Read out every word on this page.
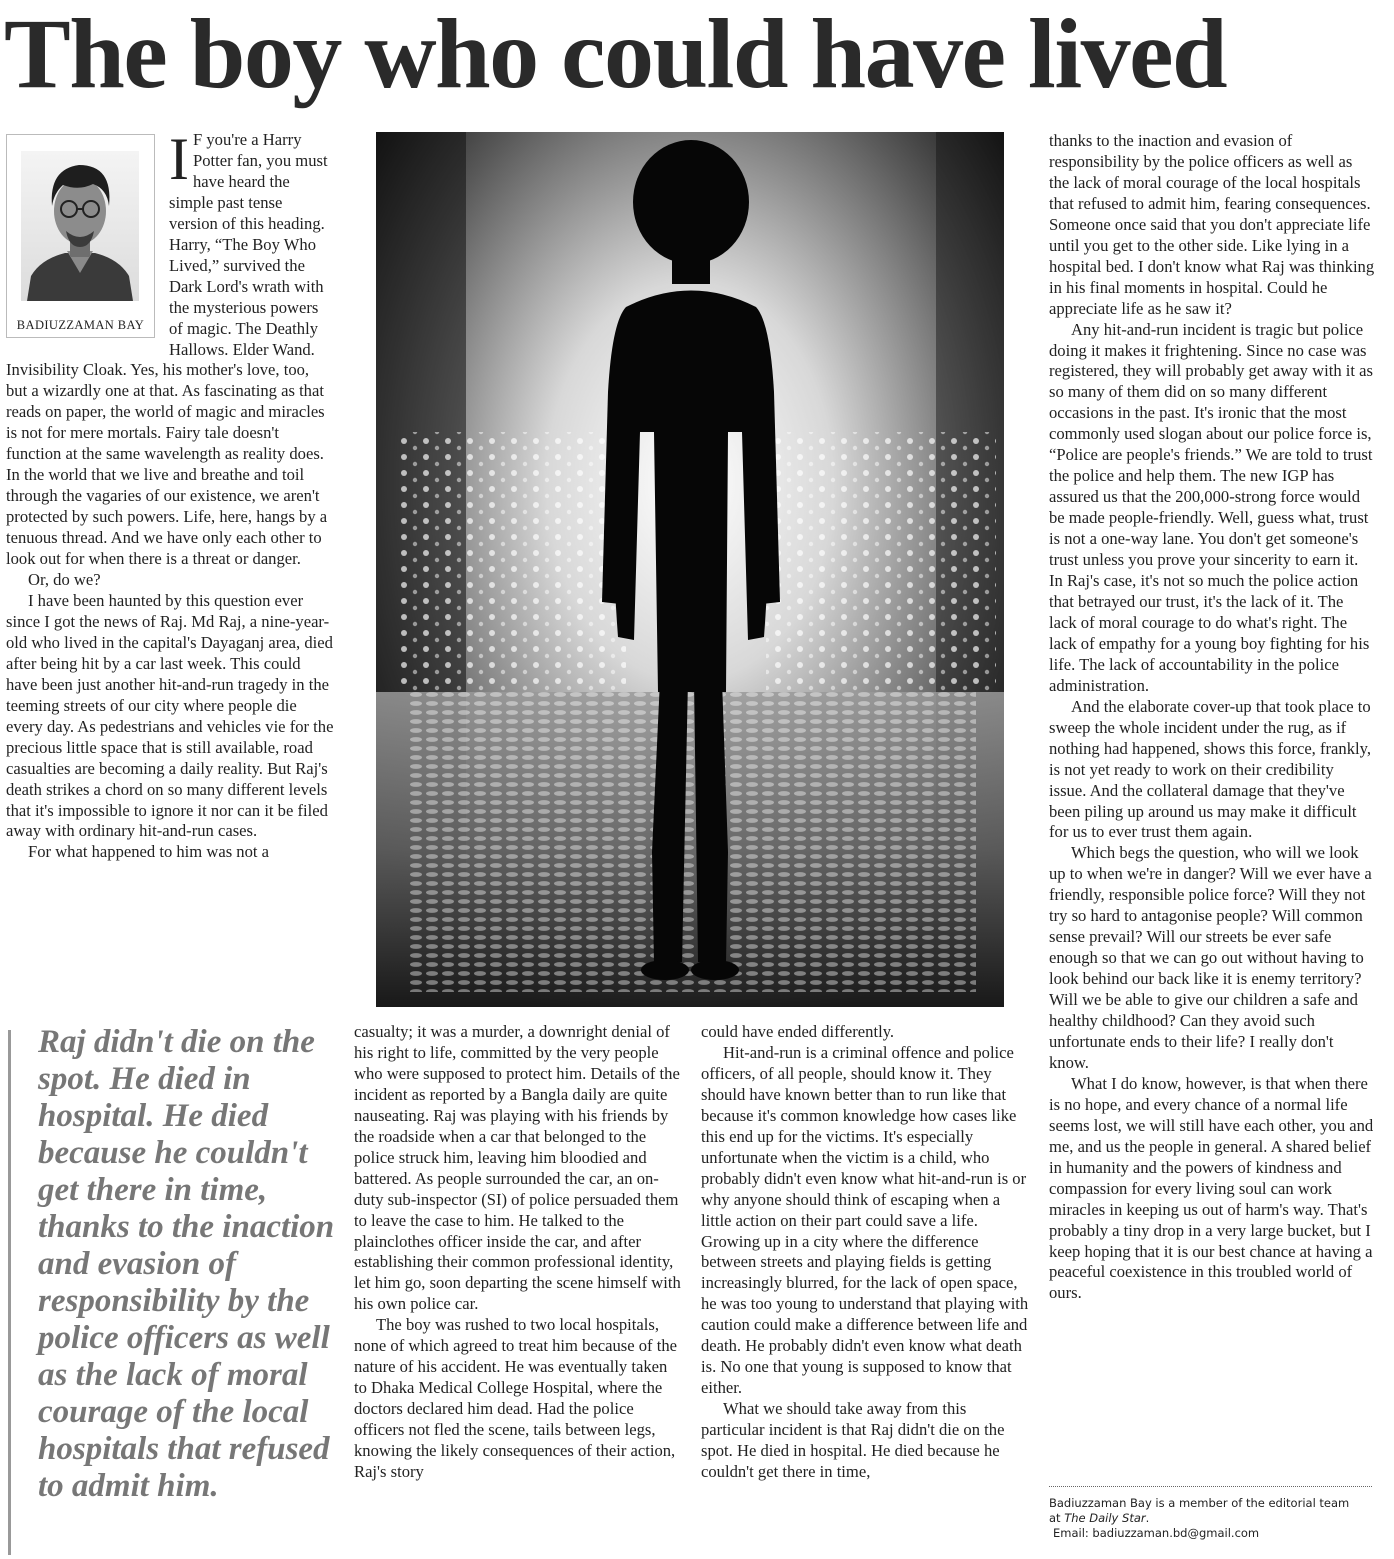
The boy who could have lived
BADIUZZAMAN BAY

I F you're a Harry Potter fan, you must have heard the simple past tense version of this heading. Harry, “The Boy Who Lived,” survived the Dark Lord's wrath with the mysterious powers of magic. The Deathly Hallows. Elder Wand. Invisibility Cloak. Yes, his mother's love, too, but a wizardly one at that. As fascinating as that reads on paper, the world of magic and miracles is not for mere mortals. Fairy tale doesn't function at the same wavelength as reality does. In the world that we live and breathe and toil through the vagaries of our existence, we aren't protected by such powers. Life, here, hangs by a tenuous thread. And we have only each other to look out for when there is a threat or danger.

Or, do we?

I have been haunted by this question ever since I got the news of Raj. Md Raj, a nine-year-old who lived in the capital's Dayaganj area, died after being hit by a car last week. This could have been just another hit-and-run tragedy in the teeming streets of our city where people die every day. As pedestrians and vehicles vie for the precious little space that is still available, road casualties are becoming a daily reality. But Raj's death strikes a chord on so many different levels that it's impossible to ignore it nor can it be filed away with ordinary hit-and-run cases.

For what happened to him was not a

Raj didn't die on the spot. He died in hospital. He died because he couldn't get there in time, thanks to the inaction and evasion of responsibility by the police officers as well as the lack of moral courage of the local hospitals that refused to admit him.

casualty; it was a murder, a downright denial of his right to life, committed by the very people who were supposed to protect him. Details of the incident as reported by a Bangla daily are quite nauseating. Raj was playing with his friends by the roadside when a car that belonged to the police struck him, leaving him bloodied and battered. As people surrounded the car, an on-duty sub-inspector (SI) of police persuaded them to leave the case to him. He talked to the plainclothes officer inside the car, and after establishing their common professional identity, let him go, soon departing the scene himself with his own police car.

The boy was rushed to two local hospitals, none of which agreed to treat him because of the nature of his accident. He was eventually taken to Dhaka Medical College Hospital, where the doctors declared him dead. Had the police officers not fled the scene, tails between legs, knowing the likely consequences of their action, Raj's story

could have ended differently.

Hit-and-run is a criminal offence and police officers, of all people, should know it. They should have known better than to run like that because it's common knowledge how cases like this end up for the victims. It's especially unfortunate when the victim is a child, who probably didn't even know what hit-and-run is or why anyone should think of escaping when a little action on their part could save a life. Growing up in a city where the difference between streets and playing fields is getting increasingly blurred, for the lack of open space, he was too young to understand that playing with caution could make a difference between life and death. He probably didn't even know what death is. No one that young is supposed to know that either.

What we should take away from this particular incident is that Raj didn't die on the spot. He died in hospital. He died because he couldn't get there in time,

thanks to the inaction and evasion of responsibility by the police officers as well as the lack of moral courage of the local hospitals that refused to admit him, fearing consequences. Someone once said that you don't appreciate life until you get to the other side. Like lying in a hospital bed. I don't know what Raj was thinking in his final moments in hospital. Could he appreciate life as he saw it?

Any hit-and-run incident is tragic but police doing it makes it frightening. Since no case was registered, they will probably get away with it as so many of them did on so many different occasions in the past. It's ironic that the most commonly used slogan about our police force is, “Police are people's friends.” We are told to trust the police and help them. The new IGP has assured us that the 200,000-strong force would be made people-friendly. Well, guess what, trust is not a one-way lane. You don't get someone's trust unless you prove your sincerity to earn it. In Raj's case, it's not so much the police action that betrayed our trust, it's the lack of it. The lack of moral courage to do what's right. The lack of empathy for a young boy fighting for his life. The lack of accountability in the police administration.

And the elaborate cover-up that took place to sweep the whole incident under the rug, as if nothing had happened, shows this force, frankly, is not yet ready to work on their credibility issue. And the collateral damage that they've been piling up around us may make it difficult for us to ever trust them again.

Which begs the question, who will we look up to when we're in danger? Will we ever have a friendly, responsible police force? Will they not try so hard to antagonise people? Will common sense prevail? Will our streets be ever safe enough so that we can go out without having to look behind our back like it is enemy territory? Will we be able to give our children a safe and healthy childhood? Can they avoid such unfortunate ends to their life? I really don't know.

What I do know, however, is that when there is no hope, and every chance of a normal life seems lost, we will still have each other, you and me, and us the people in general. A shared belief in humanity and the powers of kindness and compassion for every living soul can work miracles in keeping us out of harm's way. That's probably a tiny drop in a very large bucket, but I keep hoping that it is our best chance at having a peaceful coexistence in this troubled world of ours.

Badiuzzaman Bay is a member of the editorial team
at The Daily Star.
Email: badiuzzaman.bd@gmail.com
